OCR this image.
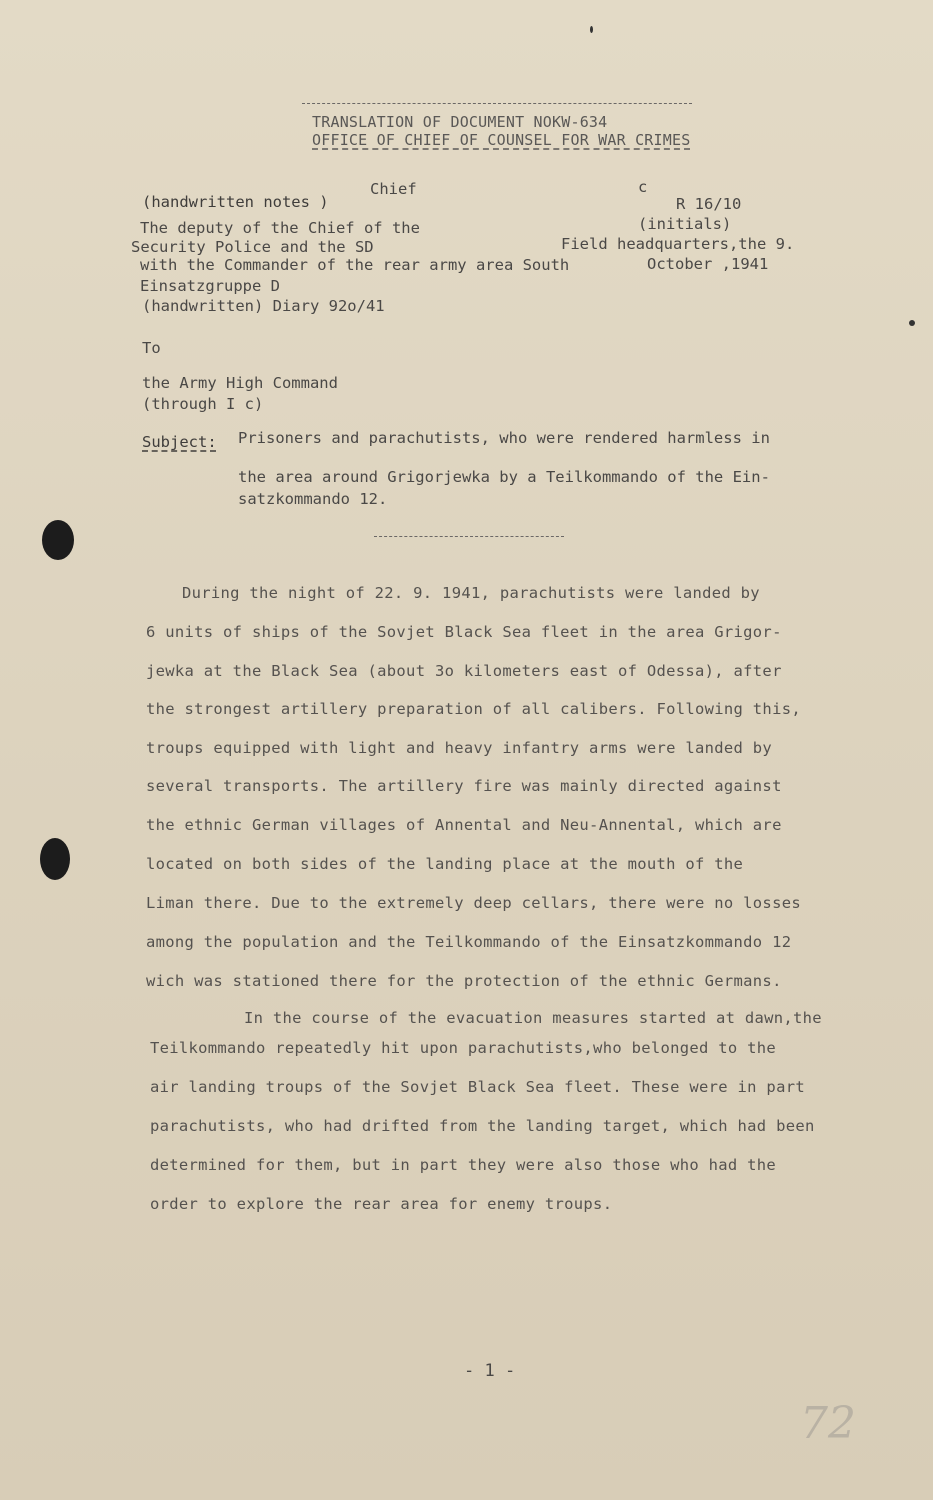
TRANSLATION OF DOCUMENT NOKW-634
OFFICE OF CHIEF OF COUNSEL FOR WAR CRIMES
Chief	c
R 16/10
(initials)
(handwritten notes )
The deputy of the Chief of the
Security Police and the SD
with the Commander of the rear army area South
Einsatzgruppe D
(handwritten) Diary 92o/41
Field headquarters,the 9.
October ,1941
To
the Army High Command
(through I c)
Subject: Prisoners and parachutists, who were rendered harmless in
the area around Grigorjewka by a Teilkommando of the Ein-
satzkommando 12.
During the night of 22. 9. 1941, parachutists were landed by
6 units of ships of the Sovjet Black Sea fleet in the area Grigor-
jewka at the Black Sea (about 3o kilometers east of Odessa), after
the strongest artillery preparation of all calibers. Following this,
troups equipped with light and heavy infantry arms were landed by
several transports. The artillery fire was mainly directed against
the ethnic German villages of Annental and Neu-Annental, which are
located on both sides of the landing place at the mouth of the
Liman there. Due to the extremely deep cellars, there were no losses
among the population and the Teilkommando of the Einsatzkommando 12
wich was stationed there for the protection of the ethnic Germans.
In the course of the evacuation measures started at dawn,the
Teilkommando repeatedly hit upon parachutists,who belonged to the
air landing troups of the Sovjet Black Sea fleet. These were in part
parachutists, who had drifted from the landing target, which had been
determined for them, but in part they were also those who had the
order to explore the rear area for enemy troups.
- 1 -
72
